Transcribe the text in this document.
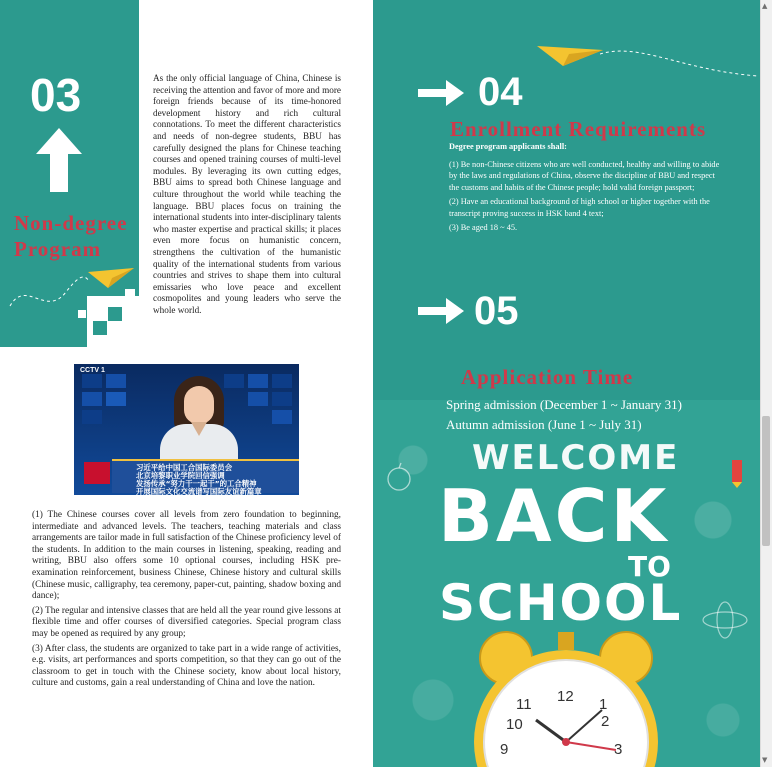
03
Non-degree Program
As the only official language of China, Chinese is receiving the attention and favor of more and more foreign friends because of its time-honored development history and rich cultural connotations. To meet the different characteristics and needs of non-degree students, BBU has carefully designed the plans for Chinese teaching courses and opened training courses of multi-level modules. By leveraging its own cutting edges, BBU aims to spread both Chinese language and culture throughout the world while teaching the language. BBU places focus on training the international students into inter-disciplinary talents who master expertise and practical skills; it places even more focus on humanistic concern, strengthens the cultivation of the humanistic quality of the international students from various countries and strives to shape them into cultural emissaries who love peace and excellent cosmopolites and young leaders who serve the whole world.
CCTV 1
习近平给中国工合国际委员会
北京培黎职业学院回信强调
发扬传承“努力干一起干”的工合精神
开展国际文化交流谱写国际友谊新篇章

(1) The Chinese courses cover all levels from zero foundation to beginning, intermediate and advanced levels. The teachers, teaching materials and class arrangements are tailor made in full satisfaction of the Chinese proficiency level of the students. In addition to the main courses in listening, speaking, reading and writing, BBU also offers some 10 optional courses, including HSK pre-examination reinforcement, business Chinese, Chinese history and cultural skills (Chinese music, calligraphy, tea ceremony, paper-cut, painting, shadow boxing and dance);

(2) The regular and intensive classes that are held all the year round give lessons at flexible time and offer courses of diversified categories. Special program class may be opened as required by any group;

(3) After class, the students are organized to take part in a wide range of activities, e.g. visits, art performances and sports competition, so that they can go out of the classroom to get in touch with the Chinese society, know about local history, culture and customs, gain a real understanding of China and love the nation.

04
Enrollment Requirements
Degree program applicants shall:

(1) Be non-Chinese citizens who are well conducted, healthy and willing to abide by the laws and regulations of China, observe the discipline of BBU and respect the customs and habits of the Chinese people; hold valid foreign passport;

(2) Have an educational background of high school or higher together with the transcript proving success in HSK band 4 text;

(3) Be aged 18 ~ 45.

05
Application Time
Spring admission (December 1 ~ January 31)
Autumn admission (June 1 ~ July 31)
WELCOME
BACK
TO
SCHOOL
12 1
11
2
10
3
9
▲
▼
